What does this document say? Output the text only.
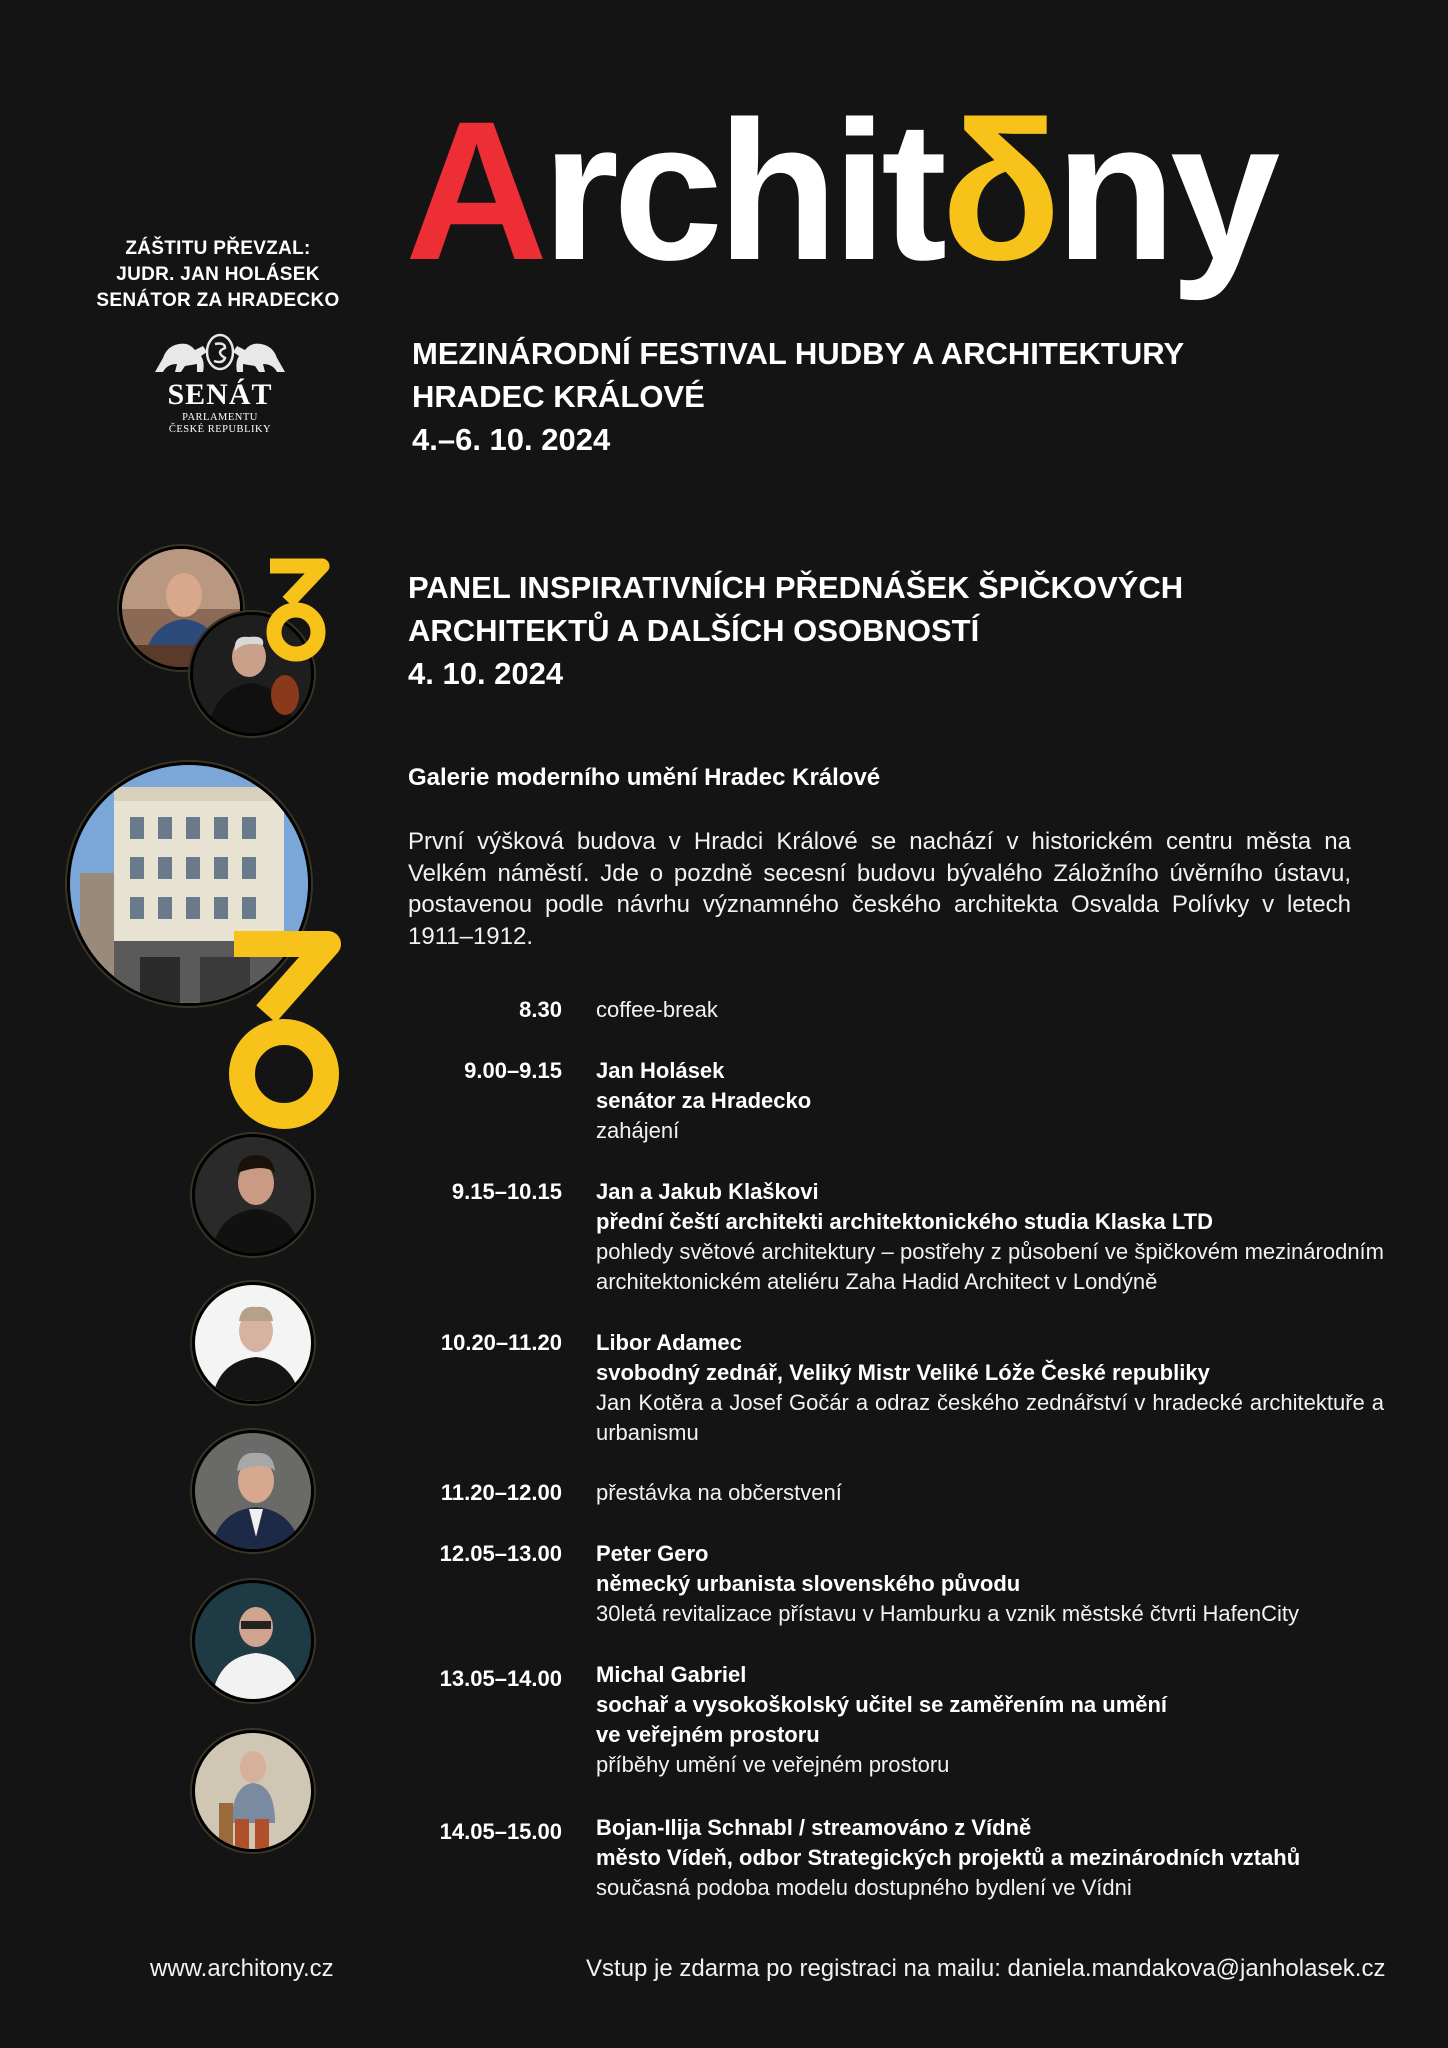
ZÁŠTITU PŘEVZAL:
JUDR. JAN HOLÁSEK
SENÁTOR ZA HRADECKO
SENÁT
PARLAMENTU
ČESKÉ REPUBLIKY
Architδny
MEZINÁRODNÍ FESTIVAL HUDBY A ARCHITEKTURY
HRADEC KRÁLOVÉ
4.–6. 10. 2024
PANEL INSPIRATIVNÍCH PŘEDNÁŠEK ŠPIČKOVÝCH
ARCHITEKTŮ A DALŠÍCH OSOBNOSTÍ
4. 10. 2024
Galerie moderního umění Hradec Králové
První výšková budova v Hradci Králové se nachází v historickém centru města na Velkém náměstí. Jde o pozdně secesní budovu bývalého Záložního úvěrního ústavu, postavenou podle návrhu významného českého architekta Osvalda Polívky v letech 1911–1912.
8.30 coffee-break
9.00–9.15 Jan Holásek
senátor za Hradecko
zahájení
9.15–10.15 Jan a Jakub Klaškovi
přední čeští architekti architektonického studia Klaska LTD
pohledy světové architektury – postřehy z působení ve špičkovém mezinárodním architektonickém ateliéru Zaha Hadid Architect v Londýně
10.20–11.20 Libor Adamec
svobodný zednář, Veliký Mistr Veliké Lóže České republiky
Jan Kotěra a Josef Gočár a odraz českého zednářství v hradecké architektuře a urbanismu
11.20–12.00 přestávka na občerstvení
12.05–13.00 Peter Gero
německý urbanista slovenského původu
30letá revitalizace přístavu v Hamburku a vznik městské čtvrti HafenCity
13.05–14.00 Michal Gabriel
sochař a vysokoškolský učitel se zaměřením na umění
ve veřejném prostoru
příběhy umění ve veřejném prostoru
14.05–15.00 Bojan-Ilija Schnabl / streamováno z Vídně
město Vídeň, odbor Strategických projektů a mezinárodních vztahů
současná podoba modelu dostupného bydlení ve Vídni
www.architony.cz	Vstup je zdarma po registraci na mailu: daniela.mandakova@janholasek.cz
